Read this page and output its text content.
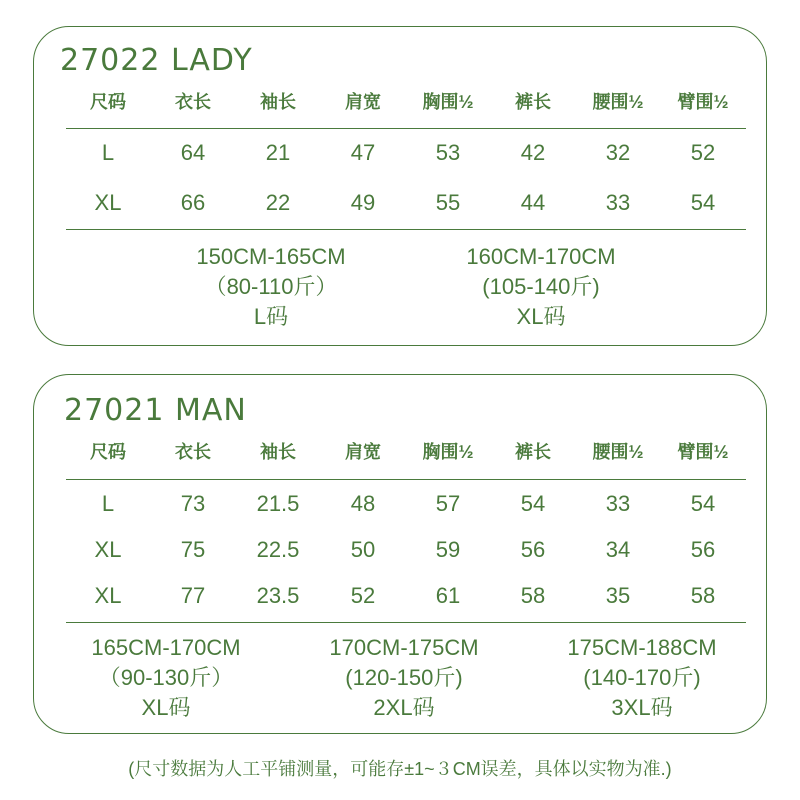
27022 LADY
尺码	衣长	袖长	肩宽	胸围½	裤长	腰围½	臂围½
L	64	21	47	53	42	32	52
XL	66	22	49	55	44	33	54
150CM-165CM
（80-110斤）
L码
160CM-170CM
(105-140斤)
XL码
27021 MAN
尺码	衣长	袖长	肩宽	胸围½	裤长	腰围½	臂围½
L	73	21.5	48	57	54	33	54
XL	75	22.5	50	59	56	34	56
XL	77	23.5	52	61	58	35	58
165CM-170CM
（90-130斤）
XL码
170CM-175CM
(120-150斤)
2XL码
175CM-188CM
(140-170斤)
3XL码
(尺寸数据为人工平铺测量，可能存±1~３CM误差，具体以实物为准.)
